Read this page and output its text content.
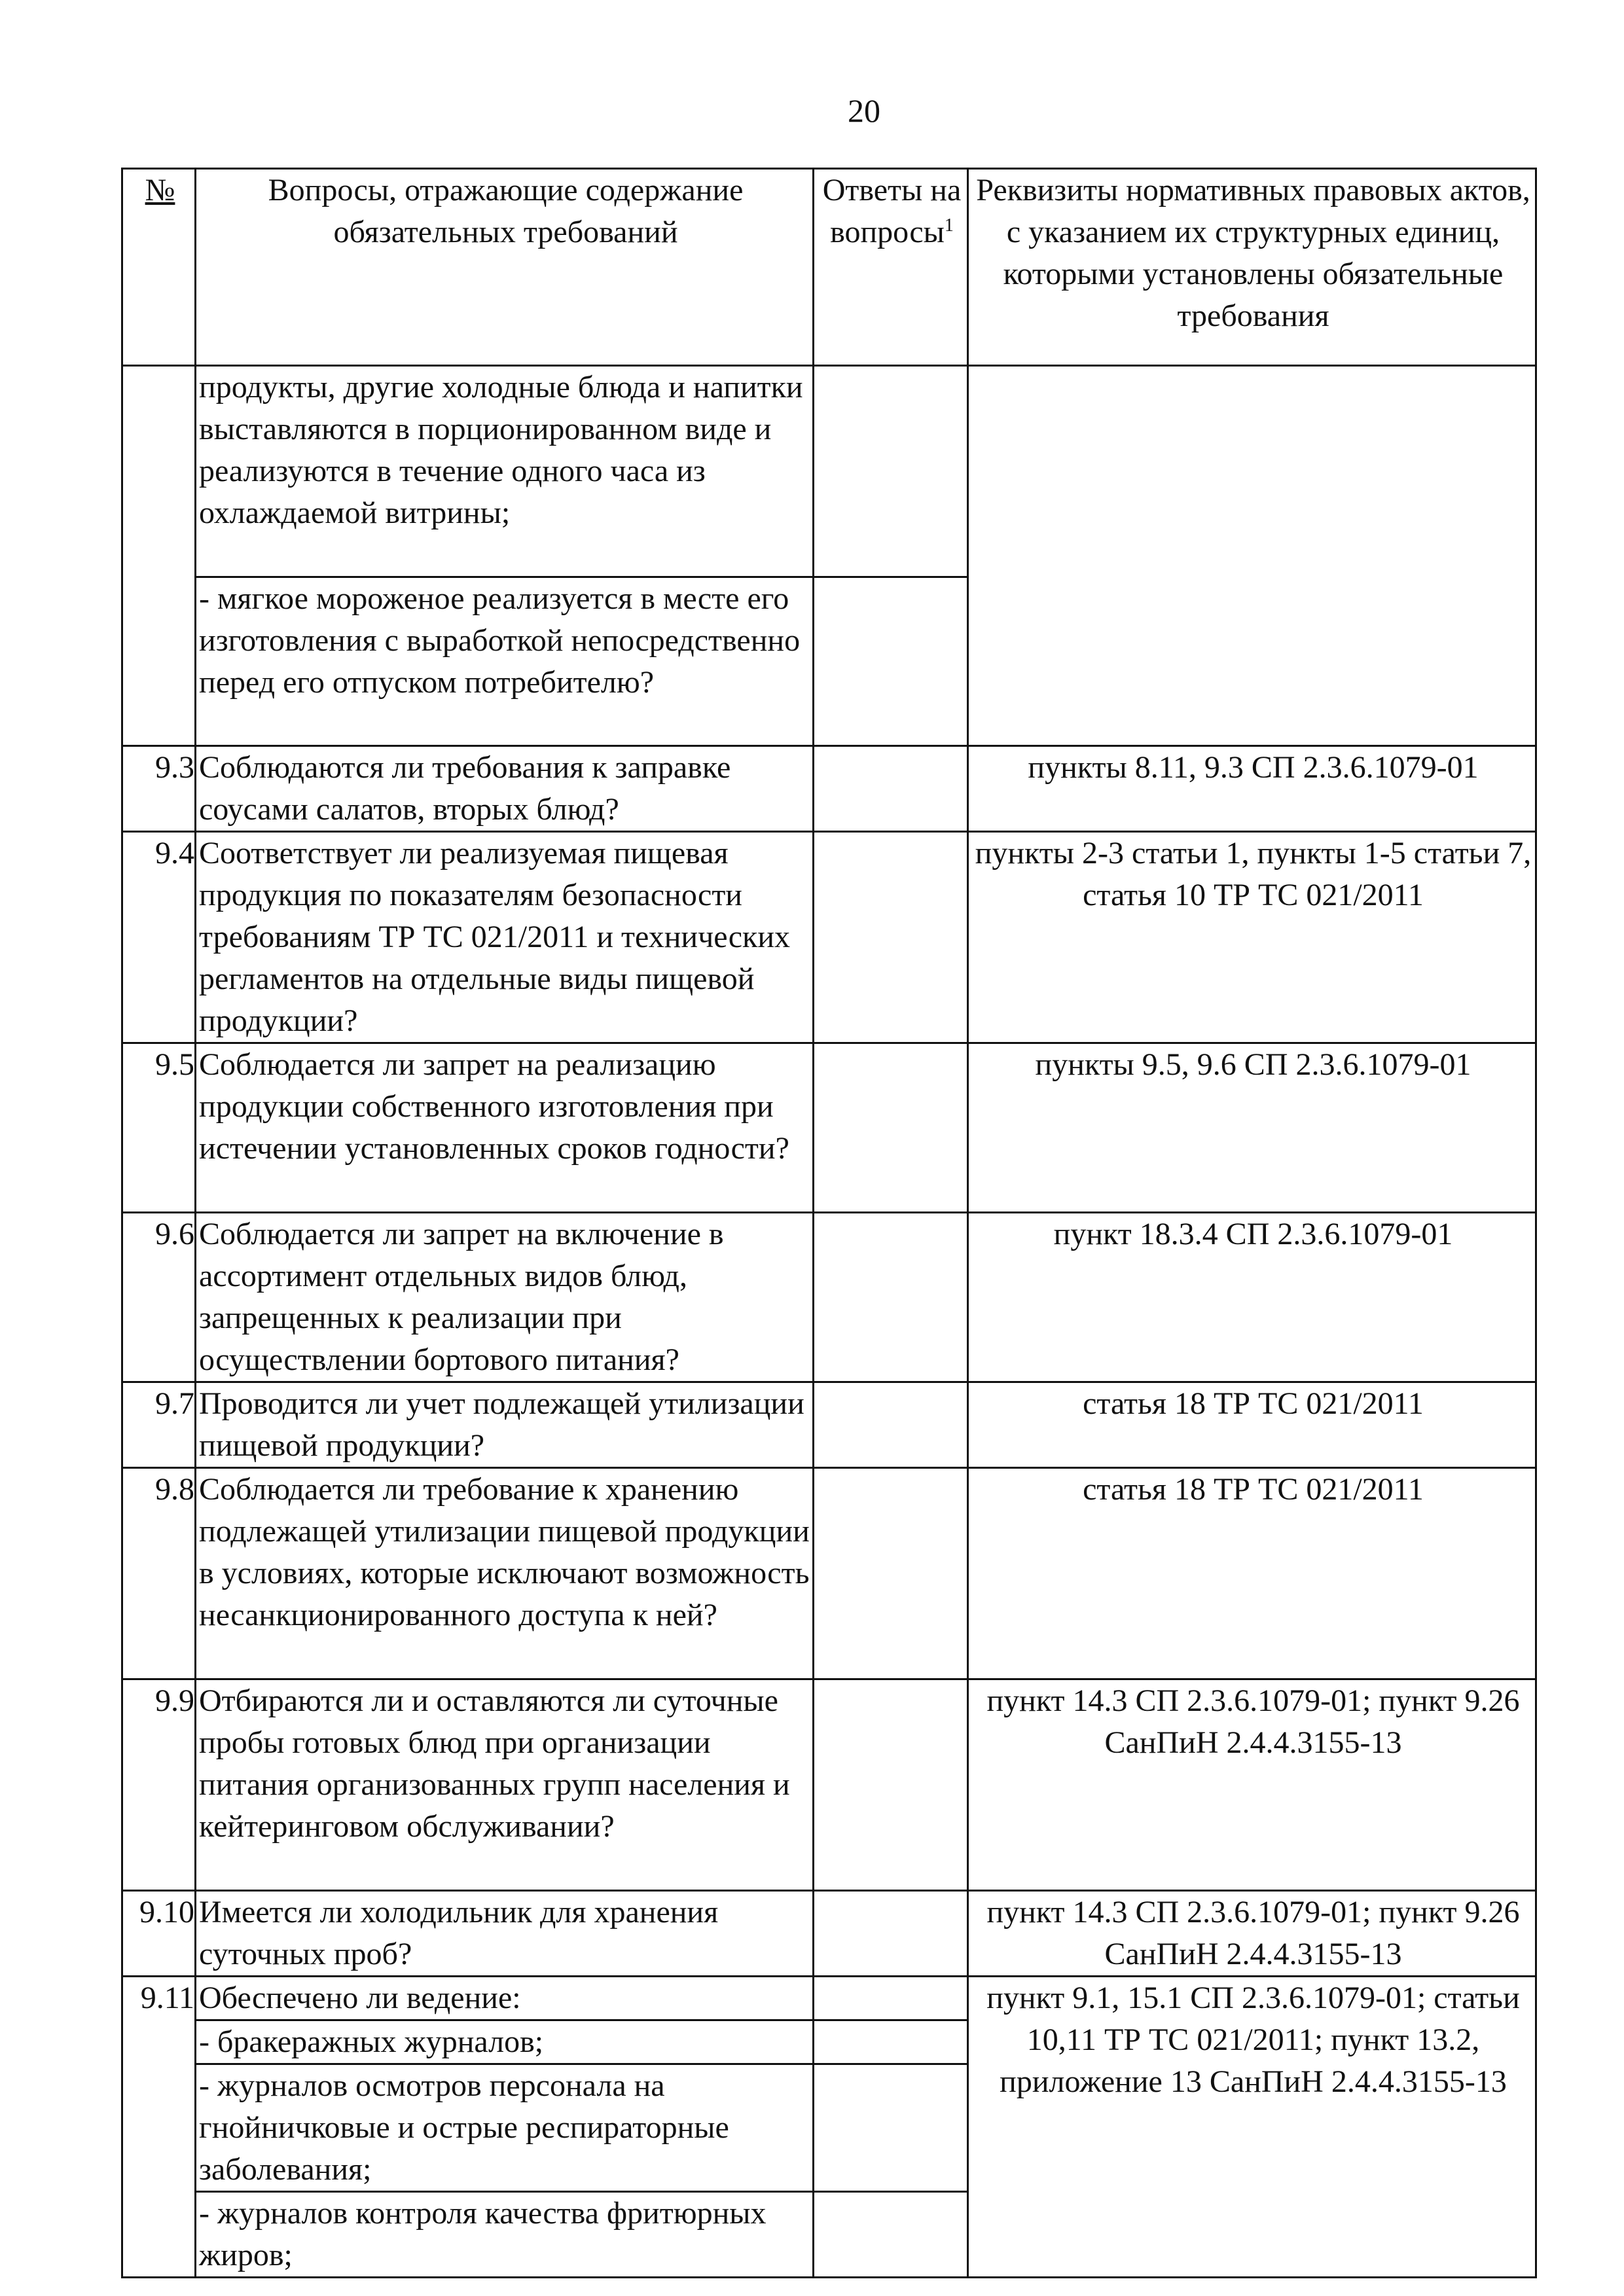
20
№	Вопросы, отражающие содержание обязательных требований	Ответы на вопросы$^1$	Реквизиты нормативных правовых актов, с указанием их структурных единиц, которыми установлены обязательные требования
	продукты, другие холодные блюда и напитки выставляются в порционированном виде и реализуются в течение одного часа из охлаждаемой витрины;		
	- мягкое мороженое реализуется в месте его изготовления с выработкой непосредственно перед его отпуском потребителю?		
9.3	Соблюдаются ли требования к заправке соусами салатов, вторых блюд?		пункты 8.11, 9.3 СП 2.3.6.1079-01
9.4	Соответствует ли реализуемая пищевая продукция по показателям безопасности требованиям ТР ТС 021/2011 и технических регламентов на отдельные виды пищевой продукции?		пункты 2-3 статьи 1, пункты 1-5 статьи 7, статья 10 ТР ТС 021/2011
9.5	Соблюдается ли запрет на реализацию продукции собственного изготовления при истечении установленных сроков годности?		пункты 9.5, 9.6 СП 2.3.6.1079-01
9.6	Соблюдается ли запрет на включение в ассортимент отдельных видов блюд, запрещенных к реализации при осуществлении бортового питания?		пункт 18.3.4 СП 2.3.6.1079-01
9.7	Проводится ли учет подлежащей утилизации пищевой продукции?		статья 18 ТР ТС 021/2011
9.8	Соблюдается ли требование к хранению подлежащей утилизации пищевой продукции в условиях, которые исключают возможность несанкционированного доступа к ней?		статья 18 ТР ТС 021/2011
9.9	Отбираются ли и оставляются ли суточные пробы готовых блюд при организации питания организованных групп населения и кейтеринговом обслуживании?		пункт 14.3 СП 2.3.6.1079-01; пункт 9.26 СанПиН 2.4.4.3155-13
9.10	Имеется ли холодильник для хранения суточных проб?		пункт 14.3 СП 2.3.6.1079-01; пункт 9.26 СанПиН 2.4.4.3155-13
9.11	Обеспечено ли ведение:		пункт 9.1, 15.1 СП 2.3.6.1079-01; статьи 10,11 ТР ТС 021/2011; пункт 13.2, приложение 13 СанПиН 2.4.4.3155-13
	- бракеражных журналов;		
	- журналов осмотров персонала на гнойничковые и острые респираторные заболевания;		
	- журналов контроля качества фритюрных жиров;		
